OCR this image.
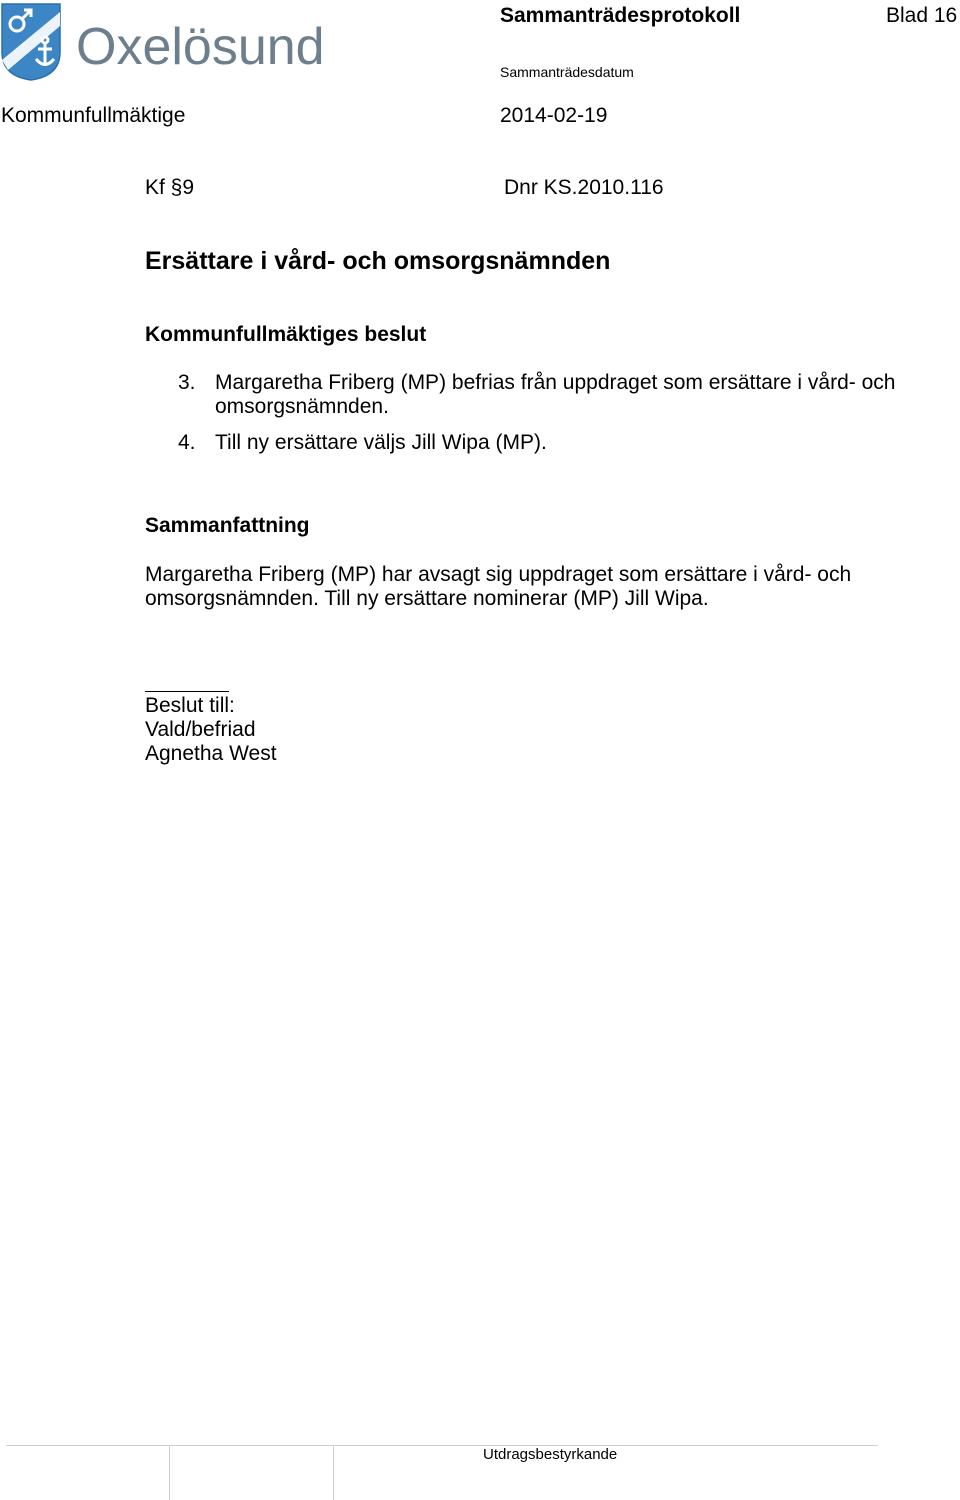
Oxelösund
Sammanträdesprotokoll	Blad 16
Sammanträdesdatum
Kommunfullmäktige	2014-02-19
Kf §9	Dnr KS.2010.116
Ersättare i vård- och omsorgsnämnden
Kommunfullmäktiges beslut
3. Margaretha Friberg (MP) befrias från uppdraget som ersättare i vård- och omsorgsnämnden.
4. Till ny ersättare väljs Jill Wipa (MP).
Sammanfattning
Margaretha Friberg (MP) har avsagt sig uppdraget som ersättare i vård- och omsorgsnämnden. Till ny ersättare nominerar (MP) Jill Wipa.
Beslut till:
Vald/befriad
Agnetha West
Utdragsbestyrkande
